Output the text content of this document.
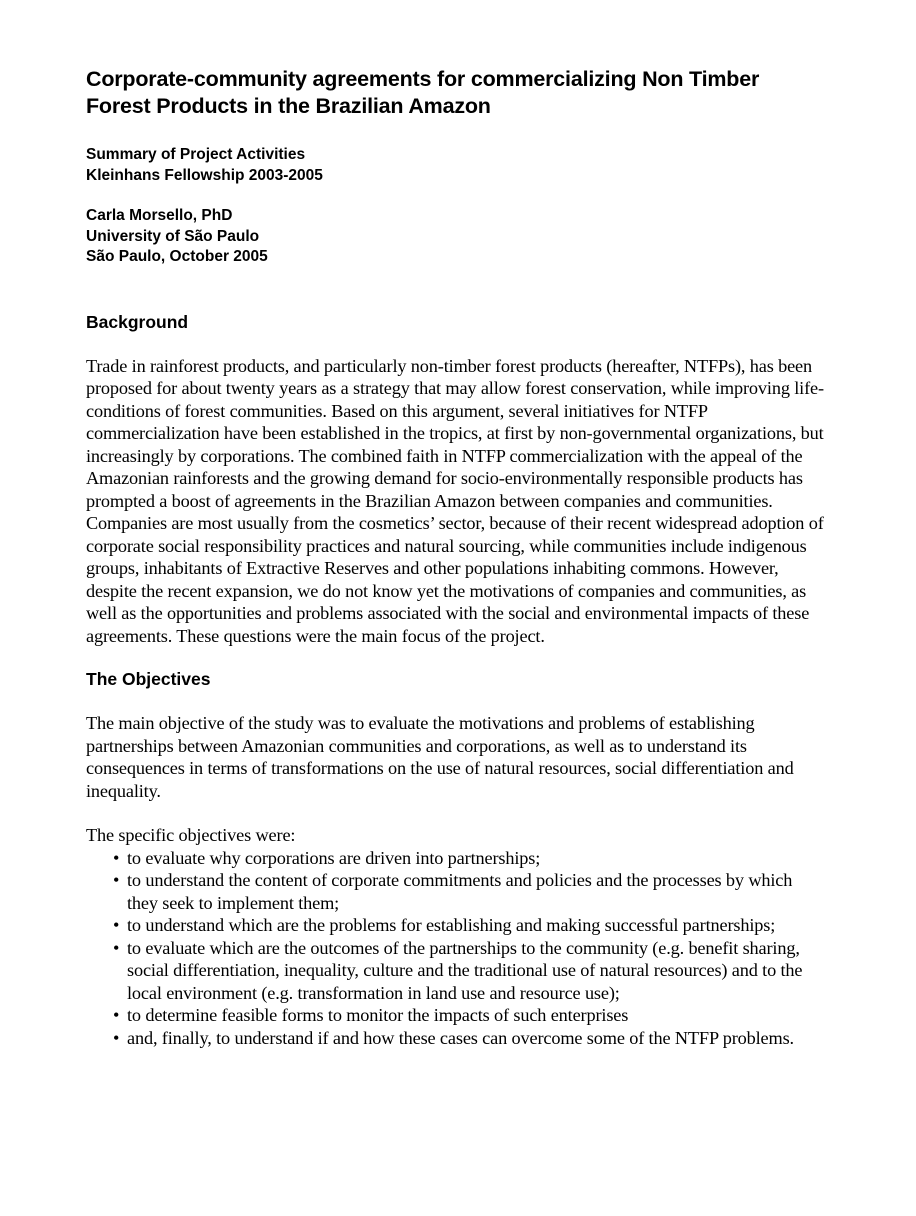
Corporate-community agreements for commercializing Non Timber
Forest Products in the Brazilian Amazon
Summary of Project Activities
Kleinhans Fellowship 2003-2005
Carla Morsello, PhD
University of São Paulo
São Paulo, October 2005
Background

Trade in rainforest products, and particularly non-timber forest products (hereafter, NTFPs), has been proposed for about twenty years as a strategy that may allow forest conservation, while improving life-conditions of forest communities. Based on this argument, several initiatives for NTFP commercialization have been established in the tropics, at first by non-governmental organizations, but increasingly by corporations. The combined faith in NTFP commercialization with the appeal of the Amazonian rainforests and the growing demand for socio-environmentally responsible products has prompted a boost of agreements in the Brazilian Amazon between companies and communities. Companies are most usually from the cosmetics’ sector, because of their recent widespread adoption of corporate social responsibility practices and natural sourcing, while communities include indigenous groups, inhabitants of Extractive Reserves and other populations inhabiting commons. However, despite the recent expansion, we do not know yet the motivations of companies and communities, as well as the opportunities and problems associated with the social and environmental impacts of these agreements. These questions were the main focus of the project.

The Objectives

The main objective of the study was to evaluate the motivations and problems of establishing partnerships between Amazonian communities and corporations, as well as to understand its consequences in terms of transformations on the use of natural resources, social differentiation and inequality.

The specific objectives were:

• to evaluate why corporations are driven into partnerships;
• to understand the content of corporate commitments and policies and the processes by which they seek to implement them;
• to understand which are the problems for establishing and making successful partnerships;
• to evaluate which are the outcomes of the partnerships to the community (e.g. benefit sharing, social differentiation, inequality, culture and the traditional use of natural resources) and to the local environment (e.g. transformation in land use and resource use);
• to determine feasible forms to monitor the impacts of such enterprises
• and, finally, to understand if and how these cases can overcome some of the NTFP problems.
